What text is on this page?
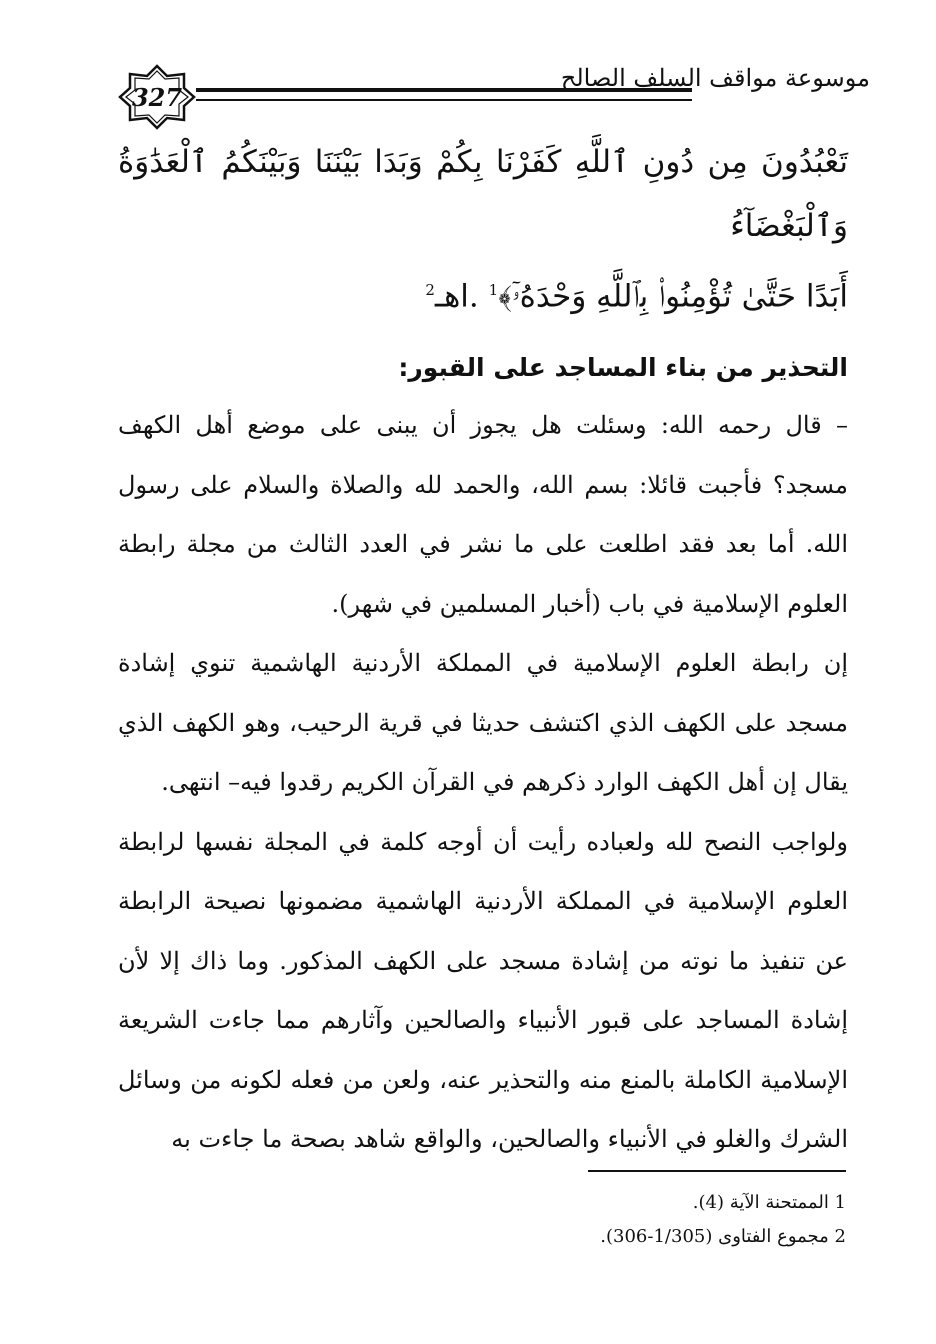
327
موسوعة مواقف السلف الصالح

تَعْبُدُونَ مِن دُونِ ٱللَّهِ كَفَرْنَا بِكُمْ وَبَدَا بَيْنَنَا وَبَيْنَكُمُ ٱلْعَدَٰوَةُ وَٱلْبَغْضَآءُ

أَبَدًا حَتَّىٰ تُؤْمِنُوا۟ بِٱللَّهِ وَحْدَهُۥٓ﴾$^1$ .اهـ$^2$

التحذير من بناء المساجد على القبور:

– قال رحمه الله: وسئلت هل يجوز أن يبنى على موضع أهل الكهف مسجد؟ فأجبت قائلا: بسم الله، والحمد لله والصلاة والسلام على رسول الله. أما بعد فقد اطلعت على ما نشر في العدد الثالث من مجلة رابطة العلوم الإسلامية في باب (أخبار المسلمين في شهر).

إن رابطة العلوم الإسلامية في المملكة الأردنية الهاشمية تنوي إشادة مسجد على الكهف الذي اكتشف حديثا في قرية الرحيب، وهو الكهف الذي يقال إن أهل الكهف الوارد ذكرهم في القرآن الكريم رقدوا فيه– انتهى.

ولواجب النصح لله ولعباده رأيت أن أوجه كلمة في المجلة نفسها لرابطة العلوم الإسلامية في المملكة الأردنية الهاشمية مضمونها نصيحة الرابطة عن تنفيذ ما نوته من إشادة مسجد على الكهف المذكور. وما ذاك إلا لأن إشادة المساجد على قبور الأنبياء والصالحين وآثارهم مما جاءت الشريعة الإسلامية الكاملة بالمنع منه والتحذير عنه، ولعن من فعله لكونه من وسائل الشرك والغلو في الأنبياء والصالحين، والواقع شاهد بصحة ما جاءت به

1 الممتحنة الآية (4).

2 مجموع الفتاوى (1/305-306).
